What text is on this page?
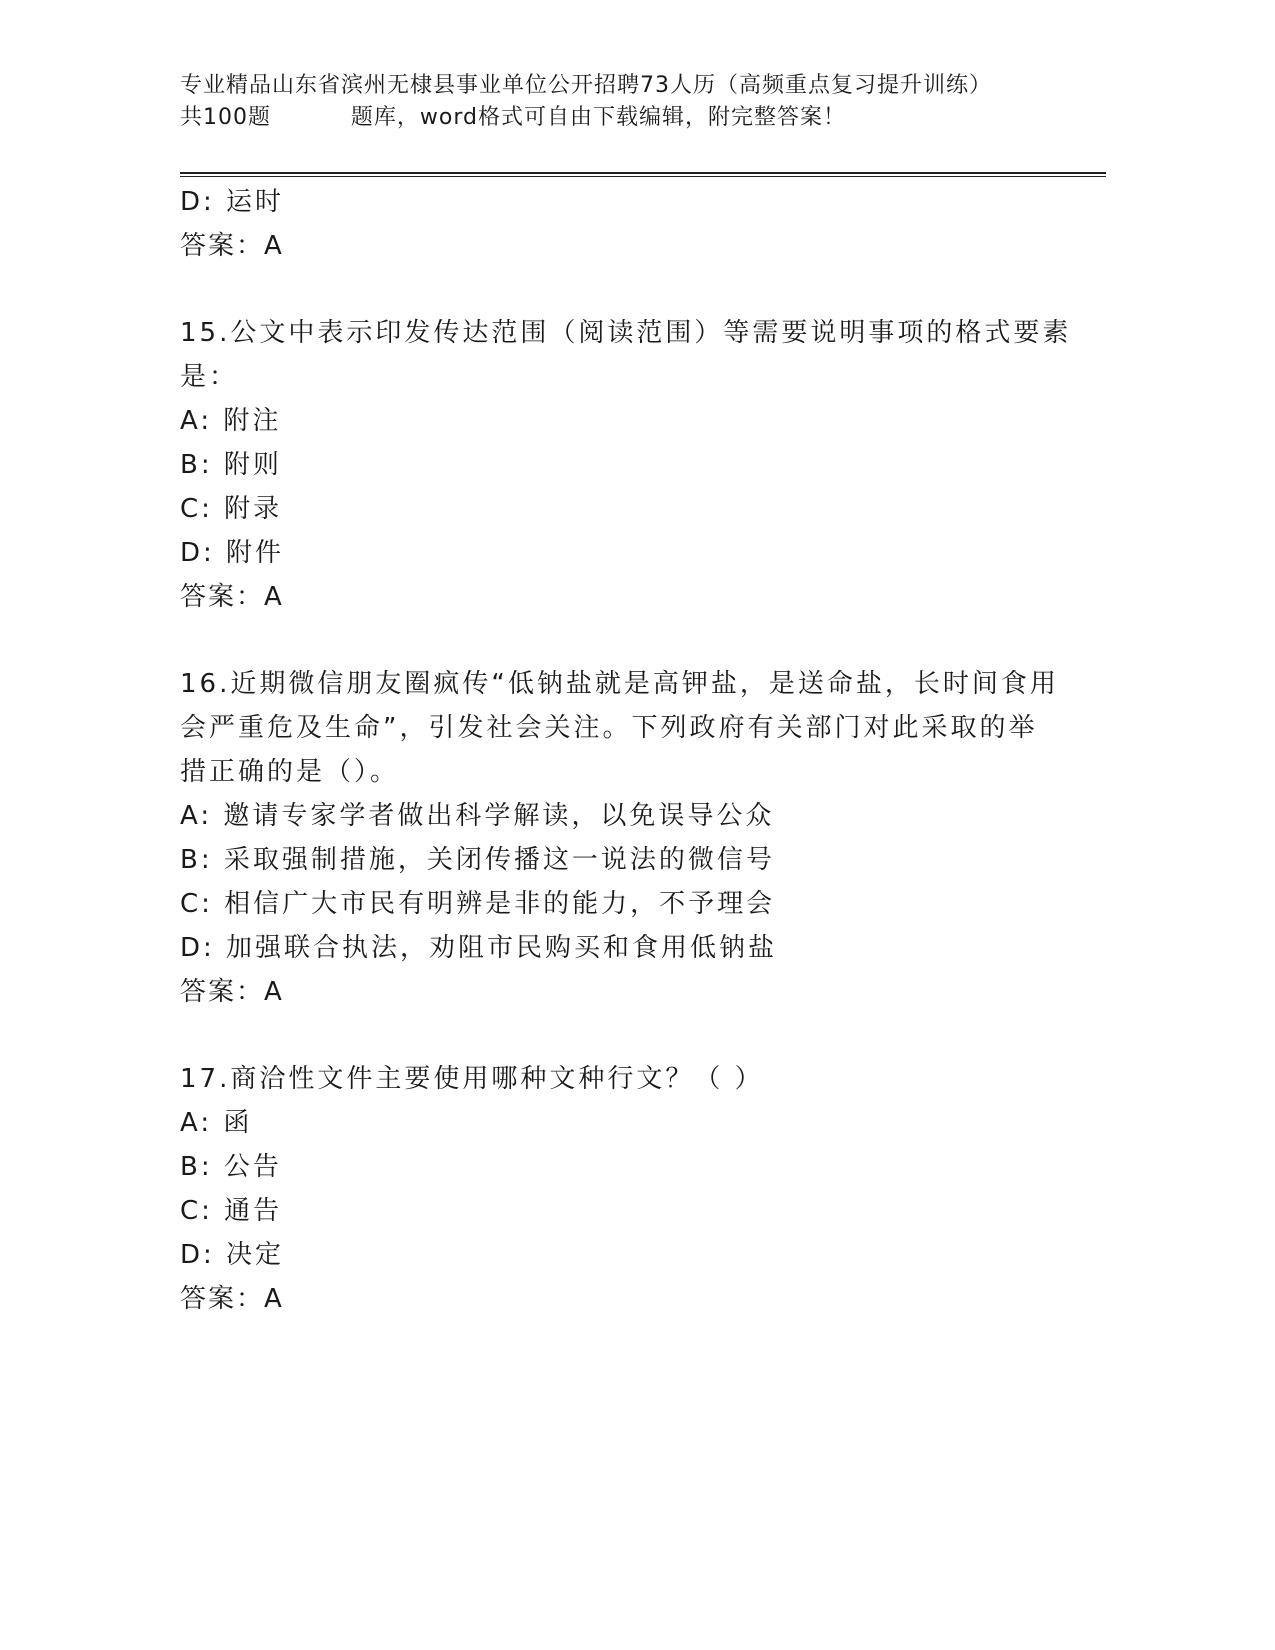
专业精品山东省滨州无棣县事业单位公开招聘73人历（高频重点复习提升训练）
共100题          题库，word格式可自由下载编辑，附完整答案！
D: 运时
答案：A
15.公文中表示印发传达范围（阅读范围）等需要说明事项的格式要素
是：
A: 附注
B: 附则
C: 附录
D: 附件
答案：A
16.近期微信朋友圈疯传“低钠盐就是高钾盐，是送命盐，长时间食用
会严重危及生命”，引发社会关注。下列政府有关部门对此采取的举
措正确的是（）。
A: 邀请专家学者做出科学解读，以免误导公众
B: 采取强制措施，关闭传播这一说法的微信号
C: 相信广大市民有明辨是非的能力，不予理会
D: 加强联合执法，劝阻市民购买和食用低钠盐
答案：A
17.商洽性文件主要使用哪种文种行文？（ ）
A: 函
B: 公告
C: 通告
D: 决定
答案：A
